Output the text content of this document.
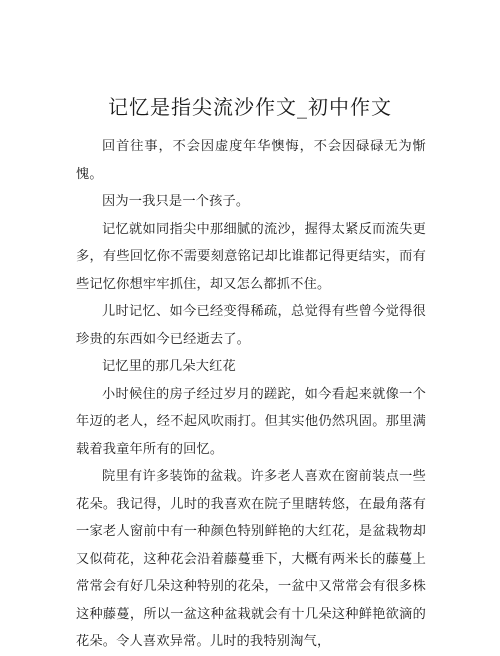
记忆是指尖流沙作文_初中作文

回首往事，不会因虚度年华懊悔，不会因碌碌无为惭愧。

因为一我只是一个孩子。

记忆就如同指尖中那细腻的流沙，握得太紧反而流失更多，有些回忆你不需要刻意铭记却比谁都记得更结实，而有些记忆你想牢牢抓住，却又怎么都抓不住。

儿时记忆、如今已经变得稀疏，总觉得有些曾今觉得很珍贵的东西如今已经逝去了。

记忆里的那几朵大红花

小时候住的房子经过岁月的蹉跎，如今看起来就像一个年迈的老人，经不起风吹雨打。但其实他仍然巩固。那里满载着我童年所有的回忆。

院里有许多装饰的盆栽。许多老人喜欢在窗前装点一些花朵。我记得，儿时的我喜欢在院子里瞎转悠，在最角落有一家老人窗前中有一种颜色特别鲜艳的大红花，是盆栽物却又似荷花，这种花会沿着藤蔓垂下，大概有两米长的藤蔓上常常会有好几朵这种特别的花朵，一盆中又常常会有很多株这种藤蔓，所以一盆这种盆栽就会有十几朵这种鲜艳欲滴的花朵。令人喜欢异常。儿时的我特别淘气，
